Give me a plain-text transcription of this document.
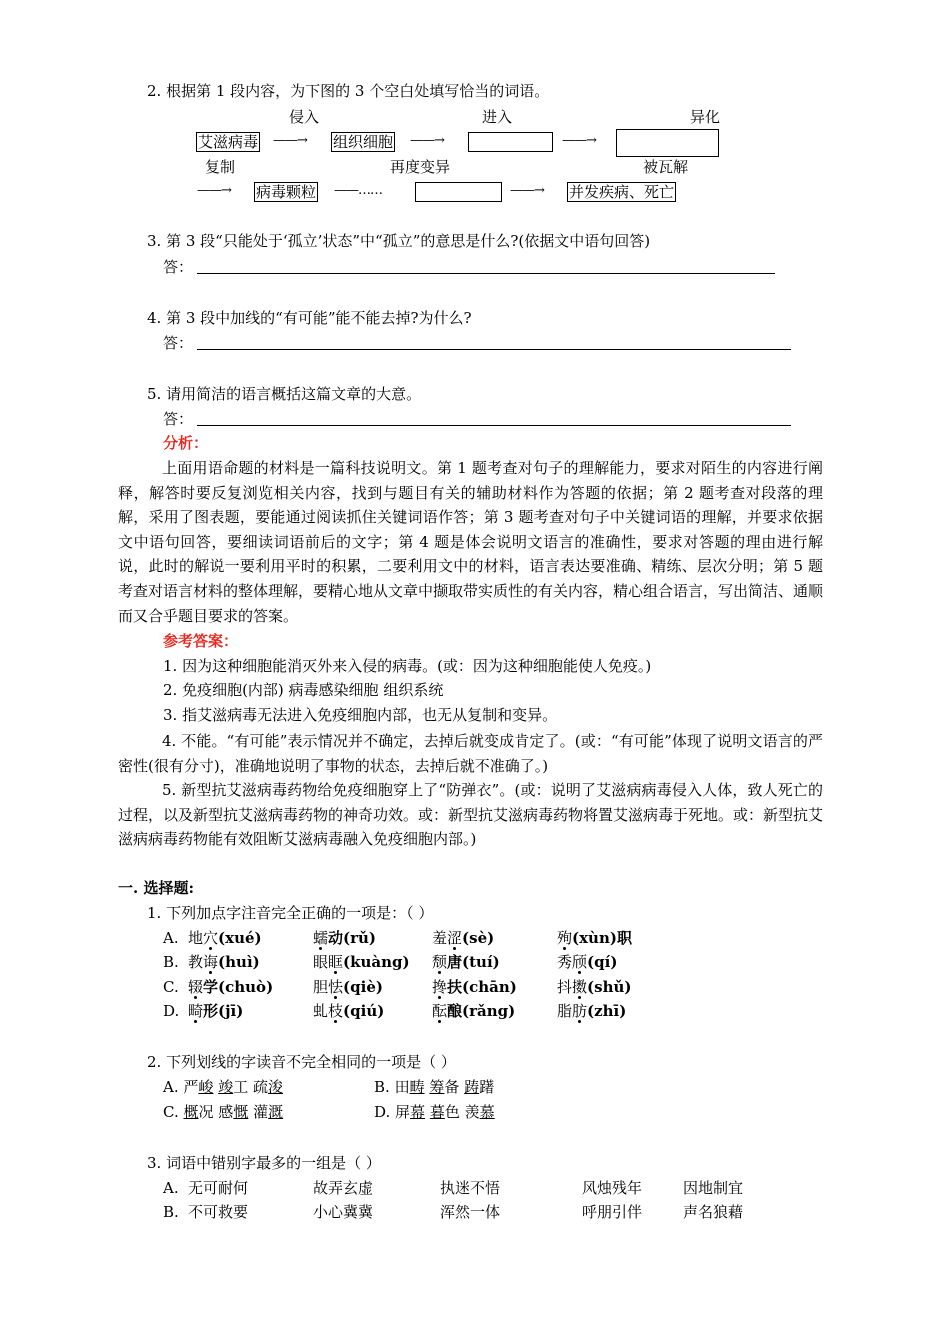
2. 根据第 1 段内容，为下图的 3 个空白处填写恰当的词语。
侵入	进入	异化
艾滋病毒 ——→ 组织细胞 ——→	——→
复制	再度变异	被瓦解
——→ 病毒颗粒 ——……	——→ 并发疾病、死亡
3. 第 3 段“只能处于‘孤立’状态”中“孤立”的意思是什么?(依据文中语句回答)
答：
4. 第 3 段中加线的“有可能”能不能去掉?为什么?
答：
5. 请用简洁的语言概括这篇文章的大意。
答：
分析：
上面用语命题的材料是一篇科技说明文。第 1 题考查对句子的理解能力，要求对陌生的内容进行阐释，解答时要反复浏览相关内容，找到与题目有关的辅助材料作为答题的依据；第 2 题考查对段落的理解，采用了图表题，要能通过阅读抓住关键词语作答；第 3 题考查对句子中关键词语的理解，并要求依据文中语句回答，要细读词语前后的文字；第 4 题是体会说明文语言的准确性，要求对答题的理由进行解说，此时的解说一要利用平时的积累，二要利用文中的材料，语言表达要准确、精练、层次分明；第 5 题考查对语言材料的整体理解，要精心地从文章中撷取带实质性的有关内容，精心组合语言，写出简洁、通顺而又合乎题目要求的答案。
参考答案：
1. 因为这种细胞能消灭外来入侵的病毒。(或：因为这种细胞能使人免疫。)
2. 免疫细胞(内部) 病毒感染细胞 组织系统
3. 指艾滋病毒无法进入免疫细胞内部，也无从复制和变异。
4. 不能。“有可能”表示情况并不确定，去掉后就变成肯定了。(或：“有可能”体现了说明文语言的严密性(很有分寸)，准确地说明了事物的状态，去掉后就不准确了。)
5. 新型抗艾滋病毒药物给免疫细胞穿上了“防弹衣”。(或：说明了艾滋病病毒侵入人体，致人死亡的过程，以及新型抗艾滋病毒药物的神奇功效。或：新型抗艾滋病毒药物将置艾滋病毒于死地。或：新型抗艾滋病病毒药物能有效阻断艾滋病毒融入免疫细胞内部。)
一. 选择题:
1. 下列加点字注音完全正确的一项是：（ ）
A. 地穴(xué)	蠕动(rǔ)	羞涩(sè)	殉(xùn)职
B. 教诲(huì)	眼眶(kuàng) 颓唐(tuí)	秀颀(qí)
C. 辍学(chuò)	胆怯(qiè)	搀扶(chān)	抖擞(shǔ)
D. 畸形(jī)	虬枝(qiú)	酝酿(rǎng)	脂肪(zhī)
2. 下列划线的字读音不完全相同的一项是（ ）
A. 严峻 竣工 疏浚	B. 田畴 筹备 踌躇
C. 概况 感慨 灌溉	D. 屏幕 暮色 羡慕
3. 词语中错别字最多的一组是（ ）
A. 无可耐何	故弄玄虚	执迷不悟	风烛残年	因地制宜
B. 不可救要	小心冀冀	浑然一体	呼朋引伴	声名狼藉
